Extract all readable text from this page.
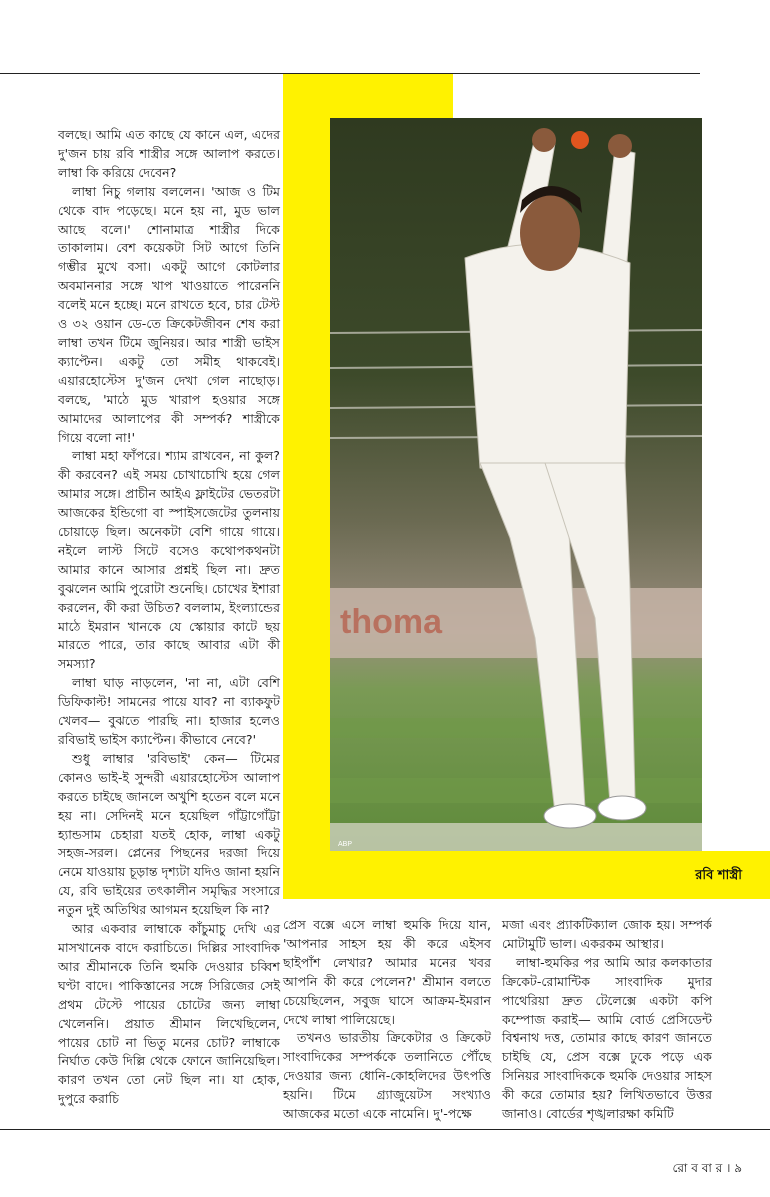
thoma
ABP
রবি শাস্ত্রী

বলছে। আমি এত কাছে যে কানে এল, এদের দু'জন চায় রবি শাস্ত্রীর সঙ্গে আলাপ করতে। লাম্বা কি করিয়ে দেবেন?

লাম্বা নিচু গলায় বললেন। 'আজ ও টিম থেকে বাদ পড়েছে। মনে হয় না, মুড ভাল আছে বলে।' শোনামাত্র শাস্ত্রীর দিকে তাকালাম। বেশ কয়েকটা সিট আগে তিনি গম্ভীর মুখে বসা। একটু আগে কোটলার অবমাননার সঙ্গে খাপ খাওয়াতে পারেননি বলেই মনে হচ্ছে। মনে রাখতে হবে, চার টেস্ট ও ৩২ ওয়ান ডে-তে ক্রিকেটজীবন শেষ করা লাম্বা তখন টিমে জুনিয়র। আর শাস্ত্রী ভাইস ক্যাপ্টেন। একটু তো সমীহ থাকবেই। এয়ারহোস্টেস দু'জন দেখা গেল নাছোড়। বলছে, 'মাঠে মুড খারাপ হওয়ার সঙ্গে আমাদের আলাপের কী সম্পর্ক? শাস্ত্রীকে গিয়ে বলো না!'

লাম্বা মহা ফাঁপরে। শ্যাম রাখবেন, না কুল? কী করবেন? এই সময় চোখাচোখি হয়ে গেল আমার সঙ্গে। প্রাচীন আইএ ফ্লাইটের ভেতরটা আজকের ইন্ডিগো বা স্পাইসজেটের তুলনায় চোয়াড়ে ছিল। অনেকটা বেশি গায়ে গায়ে। নইলে লাস্ট সিটে বসেও কথোপকথনটা আমার কানে আসার প্রশ্নই ছিল না। দ্রুত বুঝলেন আমি পুরোটা শুনেছি। চোখের ইশারা করলেন, কী করা উচিত? বললাম, ইংল্যান্ডের মাঠে ইমরান খানকে যে স্কোয়ার কাটে ছয় মারতে পারে, তার কাছে আবার এটা কী সমস্যা?

লাম্বা ঘাড় নাড়লেন, 'না না, এটা বেশি ডিফিকাল্ট! সামনের পায়ে যাব? না ব্যাকফুট খেলব— বুঝতে পারছি না। হাজার হলেও রবিভাই ভাইস ক্যাপ্টেন। কীভাবে নেবে?'

শুধু লাম্বার 'রবিভাই' কেন— টিমের কোনও ভাই-ই সুন্দরী এয়ারহোস্টেস আলাপ করতে চাইছে জানলে অখুশি হতেন বলে মনে হয় না। সেদিনই মনে হয়েছিল গাঁট্টাগোঁট্টা হ্যান্ডসাম চেহারা যতই হোক, লাম্বা একটু সহজ-সরল। প্লেনের পিছনের দরজা দিয়ে নেমে যাওয়ায় চূড়ান্ত দৃশ্যটা যদিও জানা হয়নি যে, রবি ভাইয়ের তৎকালীন সমৃদ্ধির সংসারে নতুন দুই অতিথির আগমন হয়েছিল কি না?

আর একবার লাম্বাকে কাঁচুমাচু দেখি এর মাসখানেক বাদে করাচিতে। দিল্লির সাংবাদিক আর শ্রীমানকে তিনি হুমকি দেওয়ার চব্বিশ ঘণ্টা বাদে। পাকিস্তানের সঙ্গে সিরিজের সেই প্রথম টেস্টে পায়ের চোটের জন্য লাম্বা খেলেননি। প্রয়াত শ্রীমান লিখেছিলেন, পায়ের চোট না ভিতু মনের চোট? লাম্বাকে নির্ঘাত কেউ দিল্লি থেকে ফোনে জানিয়েছিল। কারণ তখন তো নেট ছিল না। যা হোক, দুপুরে করাচি

প্রেস বক্সে এসে লাম্বা হুমকি দিয়ে যান, 'আপনার সাহস হয় কী করে এইসব ছাইপাঁশ লেখার? আমার মনের খবর আপনি কী করে পেলেন?' শ্রীমান বলতে চেয়েছিলেন, সবুজ ঘাসে আক্রম-ইমরান দেখে লাম্বা পালিয়েছে।

তখনও ভারতীয় ক্রিকেটার ও ক্রিকেট সাংবাদিকের সম্পর্ককে তলানিতে পৌঁছে দেওয়ার জন্য ধোনি-কোহলিদের উৎপত্তি হয়নি। টিমে গ্র্যাজুয়েটস সংখ্যাও আজকের মতো একে নামেনি। দু'-পক্ষে

মজা এবং প্র্যাকটিক্যাল জোক হয়। সম্পর্ক মোটামুটি ভাল। একরকম আস্থার।

লাম্বা-হুমকির পর আমি আর কলকাতার ক্রিকেট-রোমান্টিক সাংবাদিক মুদার পাথেরিয়া দ্রুত টেলেক্সে একটা কপি কম্পোজ করাই— আমি বোর্ড প্রেসিডেন্ট বিশ্বনাথ দত্ত, তোমার কাছে কারণ জানতে চাইছি যে, প্রেস বক্সে ঢুকে পড়ে এক সিনিয়র সাংবাদিককে হুমকি দেওয়ার সাহস কী করে তোমার হয়? লিখিতভাবে উত্তর জানাও। বোর্ডের শৃঙ্খলারক্ষা কমিটি

রো ব বা র । ৯
